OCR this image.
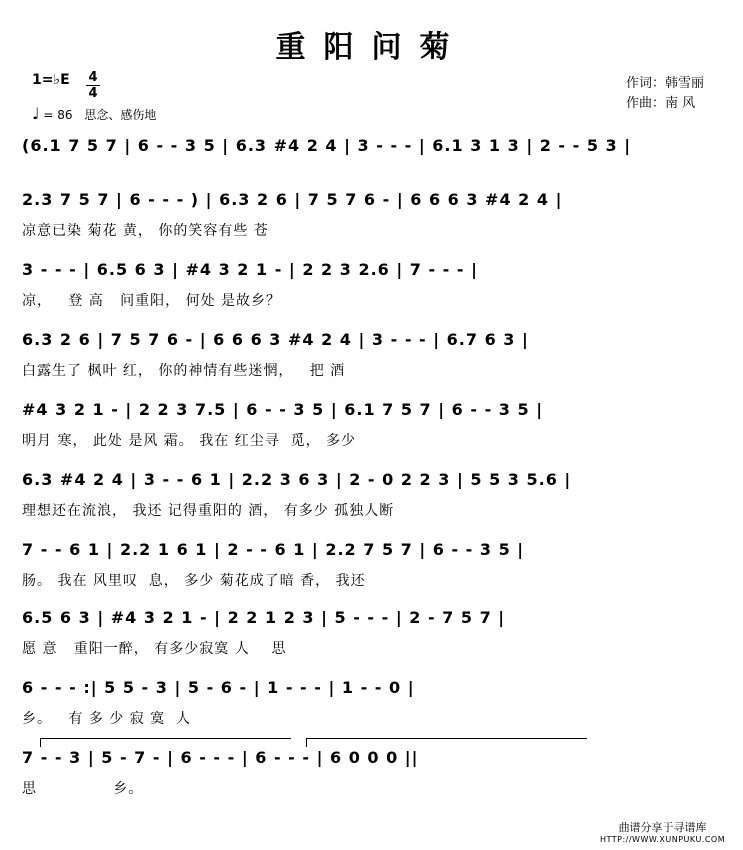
重阳问菊
1=♭E 4
4
♩ = 86 思念、感伤地
作词：韩雪丽
作曲：南 风
(6.1 7 5 7 | 6 - - 3 5 | 6.3 #4 2 4 | 3 - - - | 6.1 3 1 3 | 2 - - 5 3 |
2.3 7 5 7 | 6 - - - ) | 6.3 2 6 | 7 5 7 6 - | 6 6 6 3 #4 2 4 |
凉意已染 菊花 黄， 你的笑容有些 苍
3 - - - | 6.5 6 3 | #4 3 2 1 - | 2 2 3 2.6 | 7 - - - |
凉，   登 高   问重阳， 何处 是故乡？
6.3 2 6 | 7 5 7 6 - | 6 6 6 3 #4 2 4 | 3 - - - | 6.7 6 3 |
白露生了 枫叶 红， 你的神情有些迷惘，   把 酒
#4 3 2 1 - | 2 2 3 7.5 | 6 - - 3 5 | 6.1 7 5 7 | 6 - - 3 5 |
明月 寒， 此处 是风 霜。 我在 红尘寻  觅， 多少
6.3 #4 2 4 | 3 - - 6 1 | 2.2 3 6 3 | 2 - 0 2 2 3 | 5 5 3 5.6 |
理想还在流浪， 我还 记得重阳的 酒， 有多少 孤独人断
7 - - 6 1 | 2.2 1 6 1 | 2 - - 6 1 | 2.2 7 5 7 | 6 - - 3 5 |
肠。 我在 风里叹  息， 多少 菊花成了暗 香， 我还
6.5 6 3 | #4 3 2 1 - | 2 2 1 2 3 | 5 - - - | 2 - 7 5 7 |
愿 意   重阳一醉， 有多少寂寞 人    思
6 - - - :| 5 5 - 3 | 5 - 6 - | 1 - - - | 1 - - 0 |
乡。   有 多 少 寂 寞  人
7 - - 3 | 5 - 7 - | 6 - - - | 6 - - - | 6 0 0 0 ||
思              乡。
曲谱分享于寻谱库
HTTP://WWW.XUNPUKU.COM
